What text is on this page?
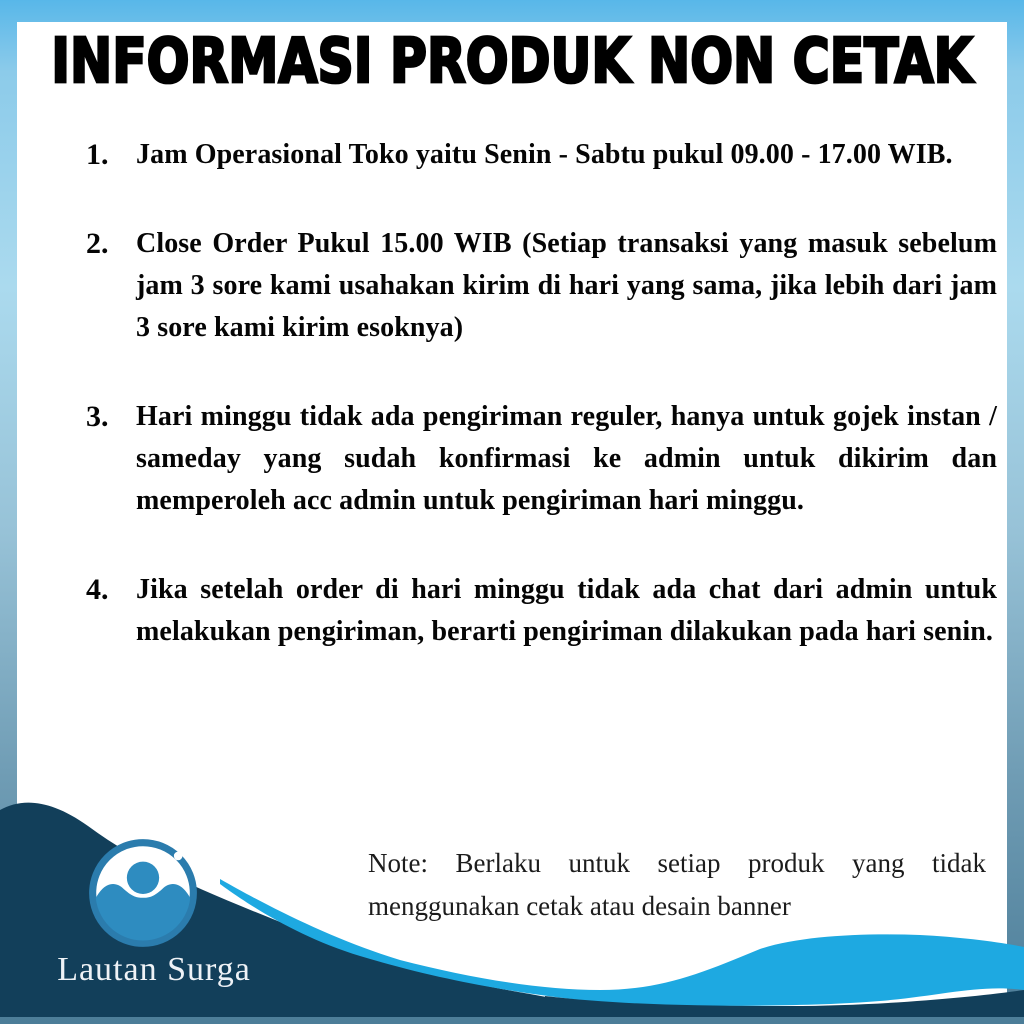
INFORMASI PRODUK NON CETAK
1. Jam Operasional Toko yaitu Senin - Sabtu pukul 09.00 - 17.00 WIB.
2. Close Order Pukul 15.00 WIB (Setiap transaksi yang masuk sebelum jam 3 sore kami usahakan kirim di hari yang sama, jika lebih dari jam 3 sore kami kirim esoknya)
3. Hari minggu tidak ada pengiriman reguler, hanya untuk gojek instan / sameday yang sudah konfirmasi ke admin untuk dikirim dan memperoleh acc admin untuk pengiriman hari minggu.
4. Jika setelah order di hari minggu tidak ada chat dari admin untuk melakukan pengiriman, berarti pengiriman dilakukan pada hari senin.
Note: Berlaku untuk setiap produk yang tidak menggunakan cetak atau desain banner
Lautan Surga
